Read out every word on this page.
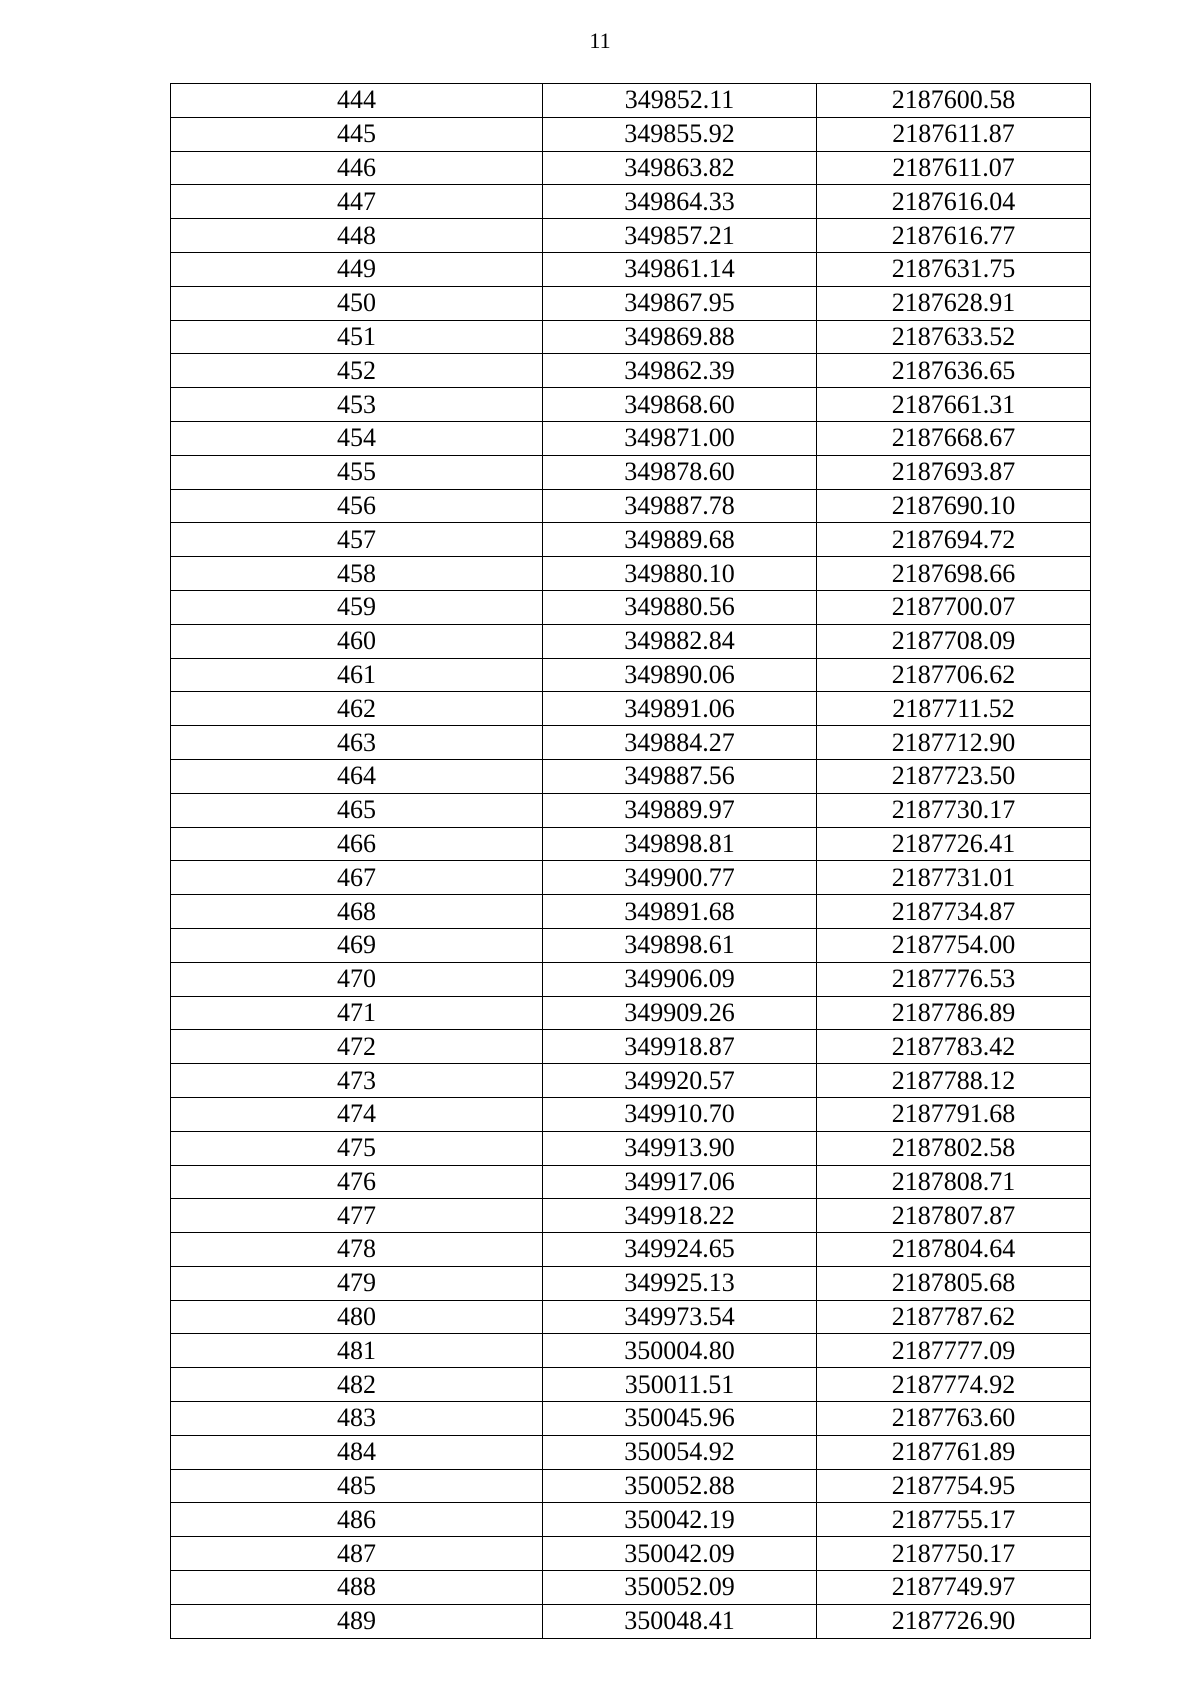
11
444	349852.11	2187600.58
445	349855.92	2187611.87
446	349863.82	2187611.07
447	349864.33	2187616.04
448	349857.21	2187616.77
449	349861.14	2187631.75
450	349867.95	2187628.91
451	349869.88	2187633.52
452	349862.39	2187636.65
453	349868.60	2187661.31
454	349871.00	2187668.67
455	349878.60	2187693.87
456	349887.78	2187690.10
457	349889.68	2187694.72
458	349880.10	2187698.66
459	349880.56	2187700.07
460	349882.84	2187708.09
461	349890.06	2187706.62
462	349891.06	2187711.52
463	349884.27	2187712.90
464	349887.56	2187723.50
465	349889.97	2187730.17
466	349898.81	2187726.41
467	349900.77	2187731.01
468	349891.68	2187734.87
469	349898.61	2187754.00
470	349906.09	2187776.53
471	349909.26	2187786.89
472	349918.87	2187783.42
473	349920.57	2187788.12
474	349910.70	2187791.68
475	349913.90	2187802.58
476	349917.06	2187808.71
477	349918.22	2187807.87
478	349924.65	2187804.64
479	349925.13	2187805.68
480	349973.54	2187787.62
481	350004.80	2187777.09
482	350011.51	2187774.92
483	350045.96	2187763.60
484	350054.92	2187761.89
485	350052.88	2187754.95
486	350042.19	2187755.17
487	350042.09	2187750.17
488	350052.09	2187749.97
489	350048.41	2187726.90
